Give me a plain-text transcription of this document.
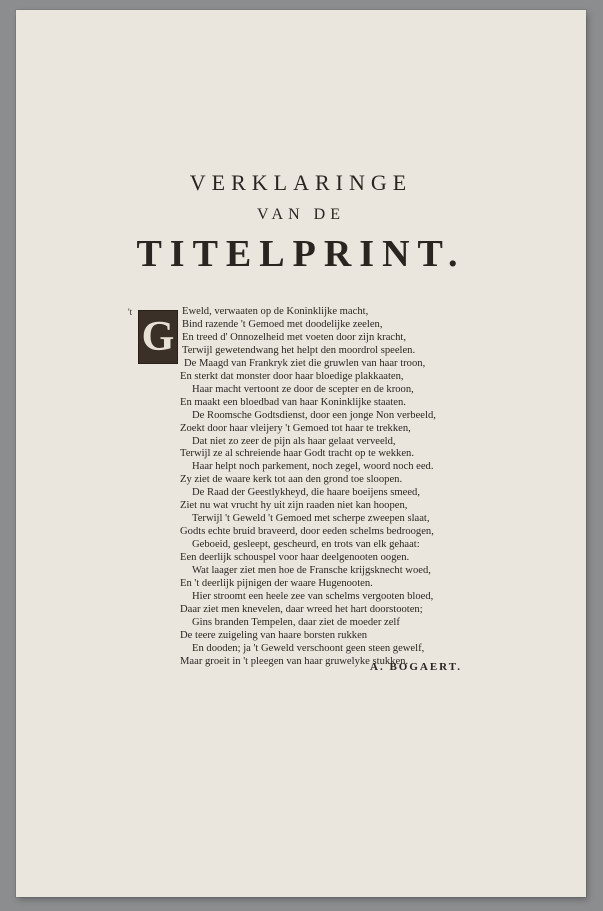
VERKLARINGE
VAN DE
TITELPRINT.
't
G
Eweld, verwaaten op de Koninklijke macht,
Bind razende 't Gemoed met doodelijke zeelen,
En treed d' Onnozelheid met voeten door zijn kracht,
Terwijl gewetendwang het helpt den moordrol speelen.
De Maagd van Frankryk ziet die gruwlen van haar troon,
En sterkt dat monster door haar bloedige plakkaaten,
Haar macht vertoont ze door de scepter en de kroon,
En maakt een bloedbad van haar Koninklijke staaten.
De Roomsche Godtsdienst, door een jonge Non verbeeld,
Zoekt door haar vleijery 't Gemoed tot haar te trekken,
Dat niet zo zeer de pijn als haar gelaat verveeld,
Terwijl ze al schreiende haar Godt tracht op te wekken.
Haar helpt noch parkement, noch zegel, woord noch eed.
Zy ziet de waare kerk tot aan den grond toe sloopen.
De Raad der Geestlykheyd, die haare boeijens smeed,
Ziet nu wat vrucht hy uit zijn raaden niet kan hoopen,
Terwijl 't Geweld 't Gemoed met scherpe zweepen slaat,
Godts echte bruid braveerd, door eeden schelms bedroogen,
Geboeid, gesleept, gescheurd, en trots van elk gehaat:
Een deerlijk schouspel voor haar deelgenooten oogen.
Wat laager ziet men hoe de Fransche krijgsknecht woed,
En 't deerlijk pijnigen der waare Hugenooten.
Hier stroomt een heele zee van schelms vergooten bloed,
Daar ziet men knevelen, daar wreed het hart doorstooten;
Gins branden Tempelen, daar ziet de moeder zelf
De teere zuigeling van haare borsten rukken
En dooden; ja 't Geweld verschoont geen steen gewelf,
Maar groeit in 't pleegen van haar gruwelyke stukken.
A. BOGAERT.
